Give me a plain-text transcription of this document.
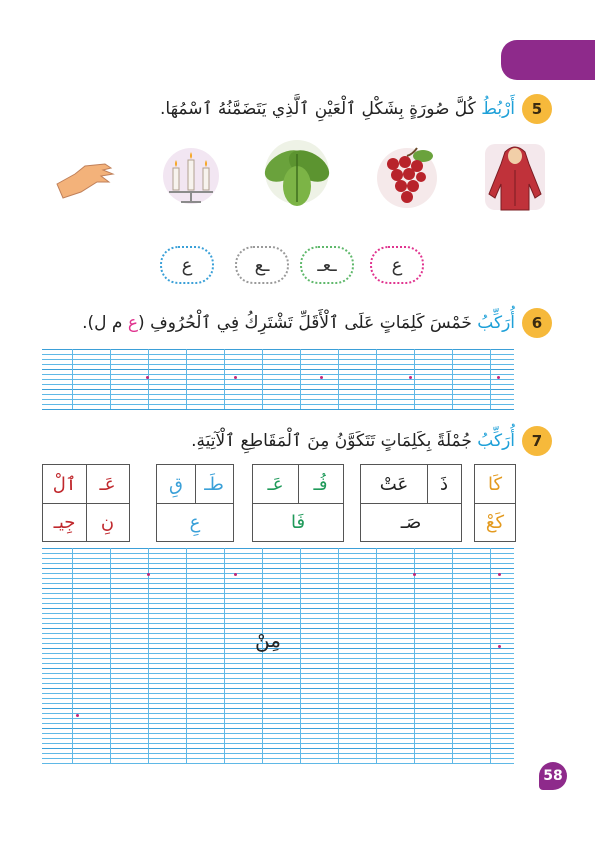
5
أَرْبُطُ كُلَّ صُورَةٍ بِشَكْلِ ٱلْعَيْنِ ٱلَّذِي يَتَضَمَّنُهُ ٱسْمُهَا.
ع
ـعـ
ـع
ع
6
أُرَكِّبُ خَمْسَ كَلِمَاتٍ عَلَى ٱلْأَقَلِّ تَشْتَرِكُ فِي ٱلْحُرُوفِ (ع م ل).
7
أُرَكِّبُ جُمْلَةً بِكَلِمَاتٍ تَتَكَوَّنُ مِنَ ٱلْمَقَاطِعِ ٱلْآتِيَةِ.
ٱلْ	عَـ
جِيـ	نِ
قِ	طَـ
عِ
عَـ	فُـ
فَا
عَتْ	ذَ
صَـ
كَا
كَعْ
مِنْ
58
